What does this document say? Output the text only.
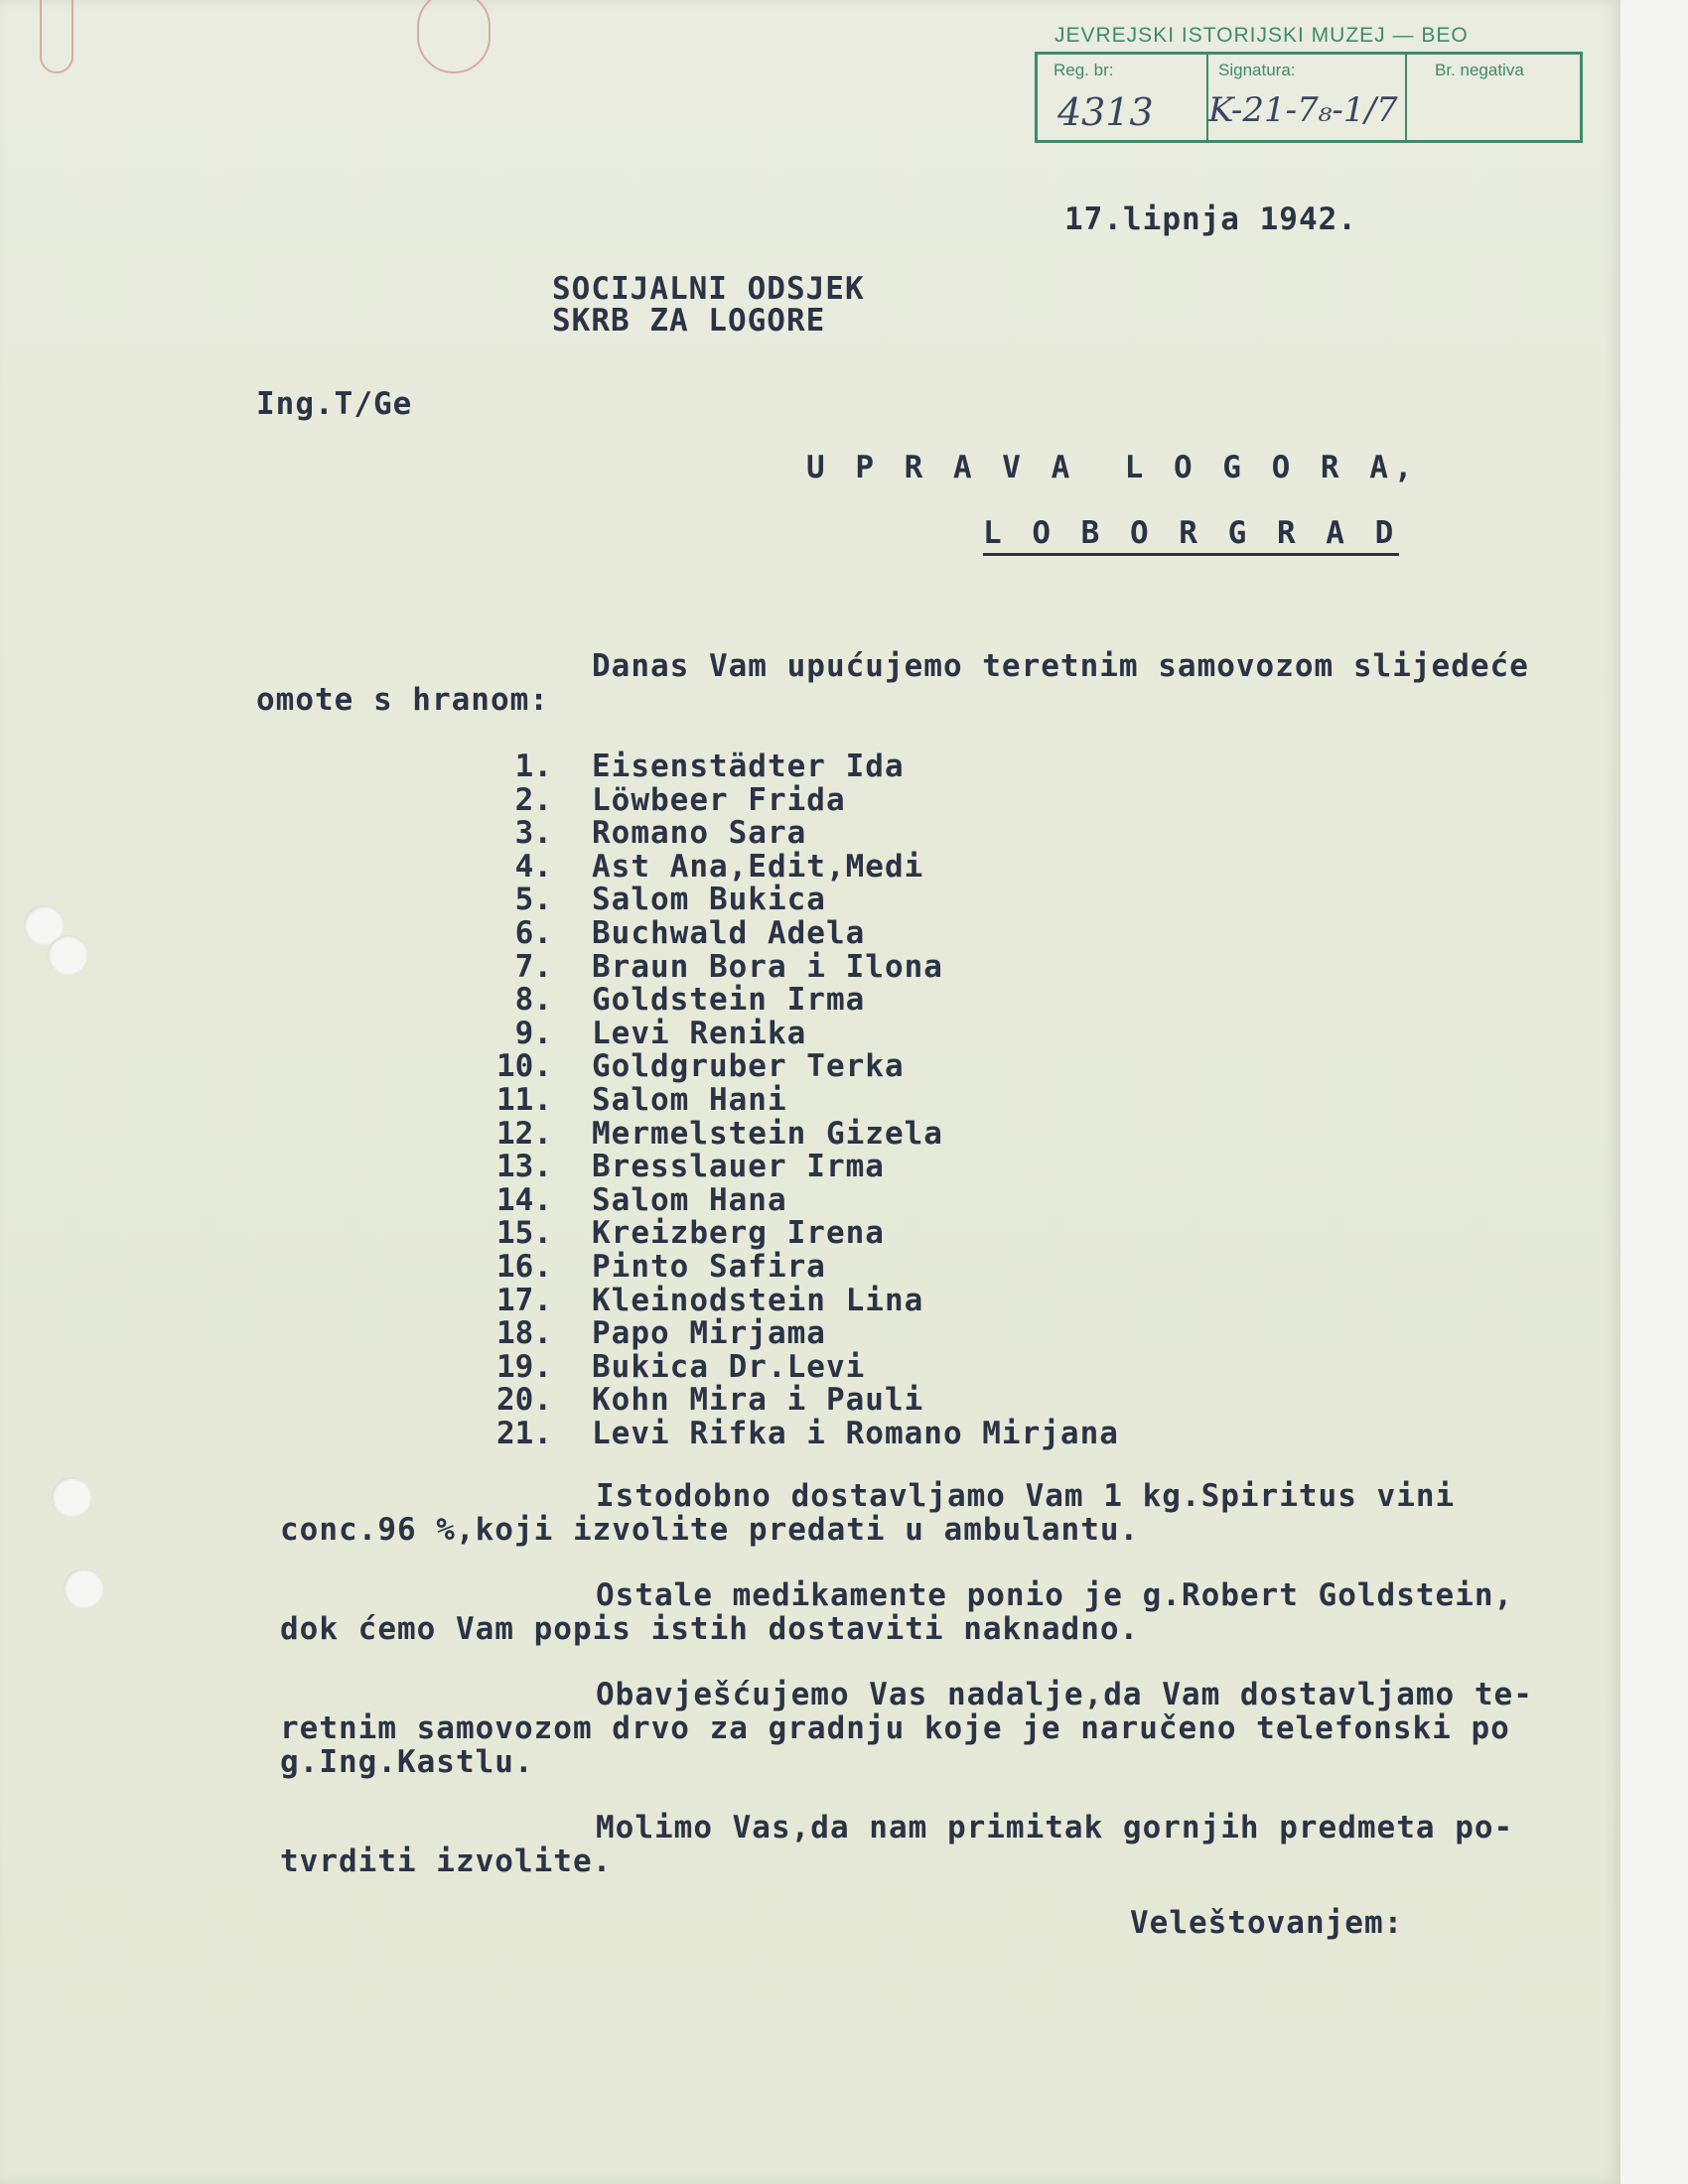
JEVREJSKI ISTORIJSKI MUZEJ — BEO
Reg. br:
4313
Signatura:
K-21-7₈-1/7
Br. negativa
17.lipnja 1942.
SOCIJALNI ODSJEK
SKRB ZA LOGORE
Ing.T/Ge
U P R A V A  L O G O R A,
L O B O R G R A D
Danas Vam upućujemo teretnim samovozom slijedeće
omote s hranom:
1. Eisenstädter Ida
2. Löwbeer Frida
3. Romano Sara
4. Ast Ana,Edit,Medi
5. Salom Bukica
6. Buchwald Adela
7. Braun Bora i Ilona
8. Goldstein Irma
9. Levi Renika
10. Goldgruber Terka
11. Salom Hani
12. Mermelstein Gizela
13. Bresslauer Irma
14. Salom Hana
15. Kreizberg Irena
16. Pinto Safira
17. Kleinodstein Lina
18. Papo Mirjama
19. Bukica Dr.Levi
20. Kohn Mira i Pauli
21. Levi Rifka i Romano Mirjana
Istodobno dostavljamo Vam 1 kg.Spiritus vini
conc.96 %,koji izvolite predati u ambulantu.
Ostale medikamente ponio je g.Robert Goldstein,
dok ćemo Vam popis istih dostaviti naknadno.
Obavješćujemo Vas nadalje,da Vam dostavljamo te-
retnim samovozom drvo za gradnju koje je naručeno telefonski po
g.Ing.Kastlu.
Molimo Vas,da nam primitak gornjih predmeta po-
tvrditi izvolite.
Veleštovanjem:
